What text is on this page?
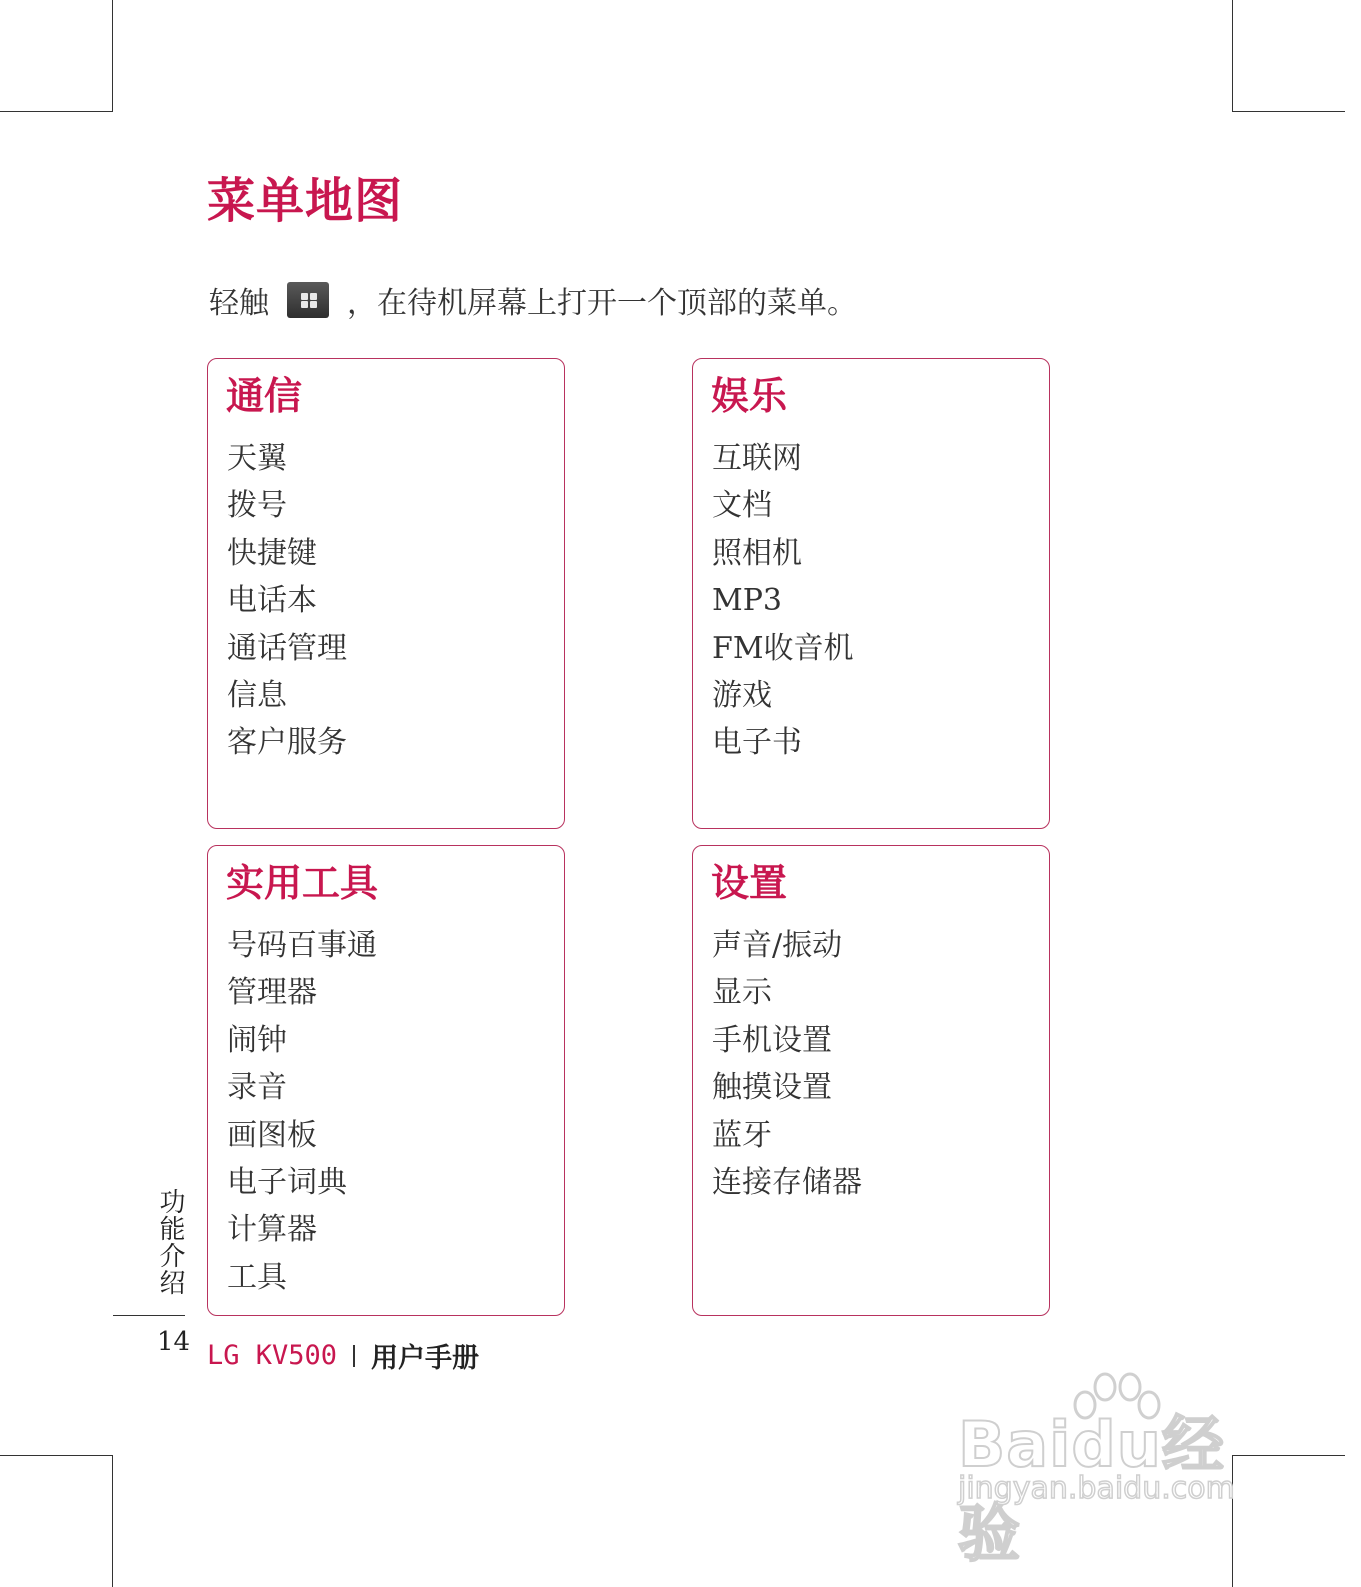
菜单地图
轻触	，在待机屏幕上打开一个顶部的菜单。
通信
天翼
拨号
快捷键
电话本
通话管理
信息
客户服务
娱乐
互联网
文档
照相机
MP3
FM收音机
游戏
电子书
实用工具
号码百事通
管理器
闹钟
录音
画图板
电子词典
计算器
工具
设置
声音/振动
显示
手机设置
触摸设置
蓝牙
连接存储器
功能介绍
14 LG KV500 用户手册
Baidu经验
jingyan.baidu.com
